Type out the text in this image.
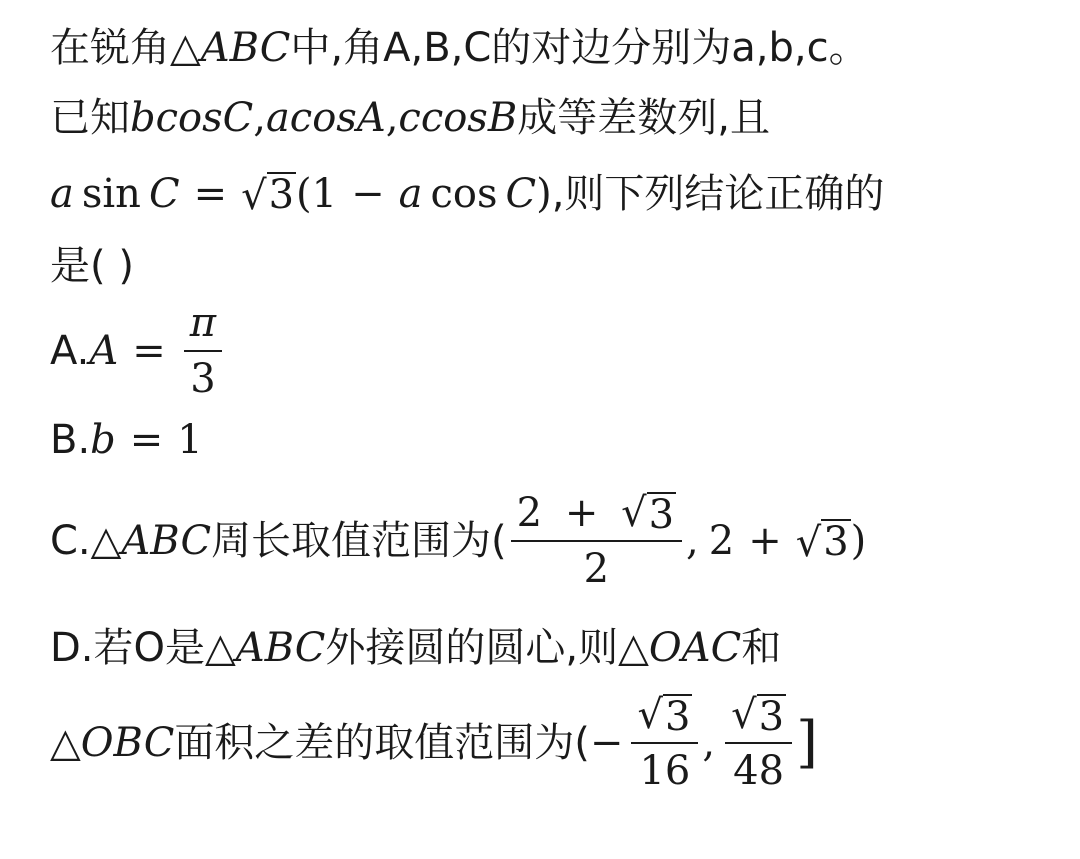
在锐角 △ ABC 中,角A,B,C的对边分别为a,b,c。
已知 bcosC , acosA , ccosB 成等差数列,且
a sin C = √ 3 (1 − a cos C ) ,则下列结论正确的
是( )
A. $A = \frac{\pi}{3}$
B. b = 1
C. △ ABC 周长取值范围为( $\frac{2 + √ 3}{2}$ , 2 + √ 3 )
D. 若O是 △ ABC 外接圆的圆心,则 △ OAC 和
△ OBC 面积之差的取值范围为( − $\frac{√ 3}{16}$ , $\frac{√ 3}{48}$ ]
